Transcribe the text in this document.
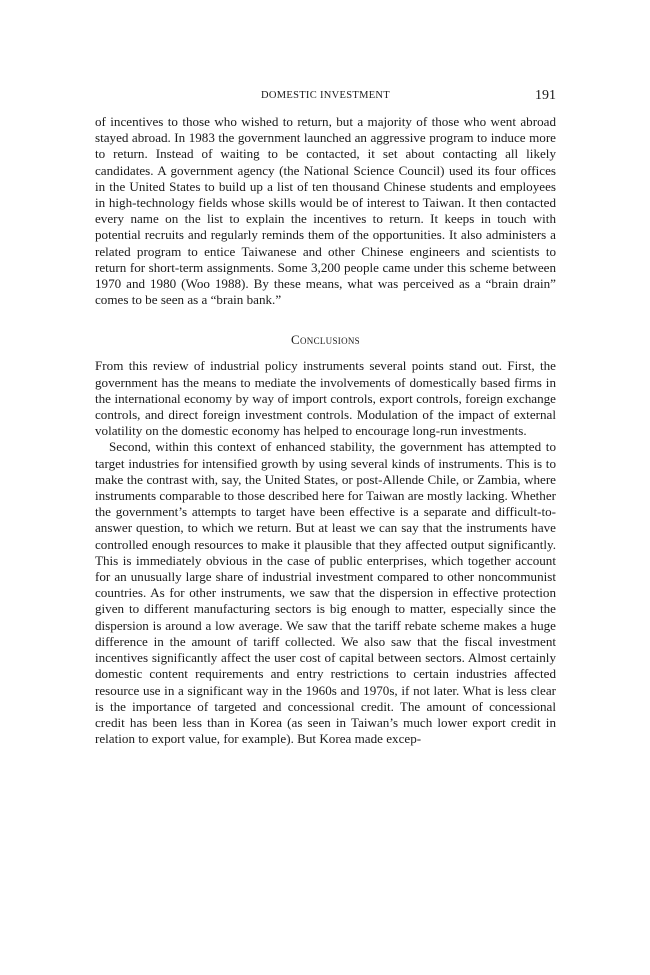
DOMESTIC INVESTMENT	191

of incentives to those who wished to return, but a majority of those who went abroad stayed abroad. In 1983 the government launched an aggressive program to induce more to return. Instead of waiting to be contacted, it set about contacting all likely candidates. A government agency (the National Science Council) used its four offices in the United States to build up a list of ten thousand Chinese students and employees in high-technology fields whose skills would be of interest to Taiwan. It then contacted every name on the list to explain the incentives to return. It keeps in touch with potential recruits and regularly reminds them of the opportunities. It also administers a related program to entice Taiwanese and other Chinese engineers and scientists to return for short-term assignments. Some 3,200 people came under this scheme between 1970 and 1980 (Woo 1988). By these means, what was perceived as a “brain drain” comes to be seen as a “brain bank.”

Conclusions

From this review of industrial policy instruments several points stand out. First, the government has the means to mediate the involvements of domestically based firms in the international economy by way of import controls, export controls, foreign exchange controls, and direct foreign investment controls. Modulation of the impact of external volatility on the domestic economy has helped to encourage long-run investments.

Second, within this context of enhanced stability, the government has attempted to target industries for intensified growth by using several kinds of instruments. This is to make the contrast with, say, the United States, or post-Allende Chile, or Zambia, where instruments comparable to those described here for Taiwan are mostly lacking. Whether the government’s attempts to target have been effective is a separate and difficult-to-answer question, to which we return. But at least we can say that the instruments have controlled enough resources to make it plausible that they affected output significantly. This is immediately obvious in the case of public enterprises, which together account for an unusually large share of industrial investment compared to other noncommunist countries. As for other instruments, we saw that the dispersion in effective protection given to different manufacturing sectors is big enough to matter, especially since the dispersion is around a low average. We saw that the tariff rebate scheme makes a huge difference in the amount of tariff collected. We also saw that the fiscal investment incentives significantly affect the user cost of capital between sectors. Almost certainly domestic content requirements and entry restrictions to certain industries affected resource use in a significant way in the 1960s and 1970s, if not later. What is less clear is the importance of targeted and concessional credit. The amount of concessional credit has been less than in Korea (as seen in Taiwan’s much lower export credit in relation to export value, for example). But Korea made excep-
